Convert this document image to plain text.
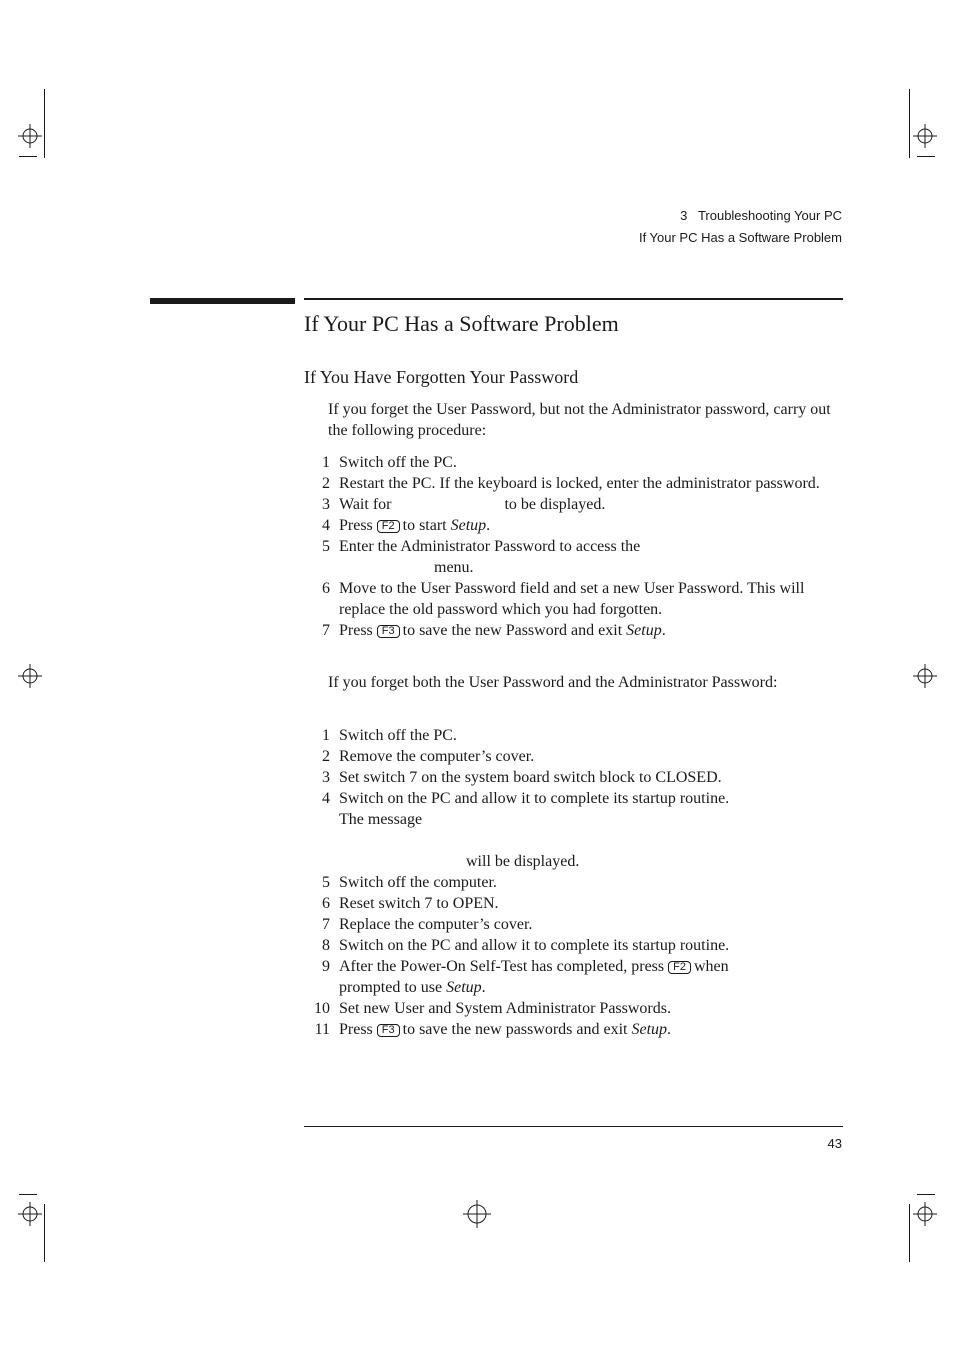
3   Troubleshooting Your PC
If Your PC Has a Software Problem
If Your PC Has a Software Problem
If You Have Forgotten Your Password
If you forget the User Password, but not the Administrator password, carry out the following procedure:
1 Switch off the PC.
2 Restart the PC. If the keyboard is locked, enter the administrator password.
3 Wait for	to be displayed.
4 Press F2 to start Setup.
5 Enter the Administrator Password to access the
menu.
6 Move to the User Password field and set a new User Password. This will replace the old password which you had forgotten.
7 Press F3 to save the new Password and exit Setup.
If you forget both the User Password and the Administrator Password:
1 Switch off the PC.
2 Remove the computer’s cover.
3 Set switch 7 on the system board switch block to CLOSED.
4 Switch on the PC and allow it to complete its startup routine.
The message

will be displayed.
5 Switch off the computer.
6 Reset switch 7 to OPEN.
7 Replace the computer’s cover.
8 Switch on the PC and allow it to complete its startup routine.
9 After the Power-On Self-Test has completed, press F2 when
prompted to use Setup.
10 Set new User and System Administrator Passwords.
11 Press F3 to save the new passwords and exit Setup.
43
